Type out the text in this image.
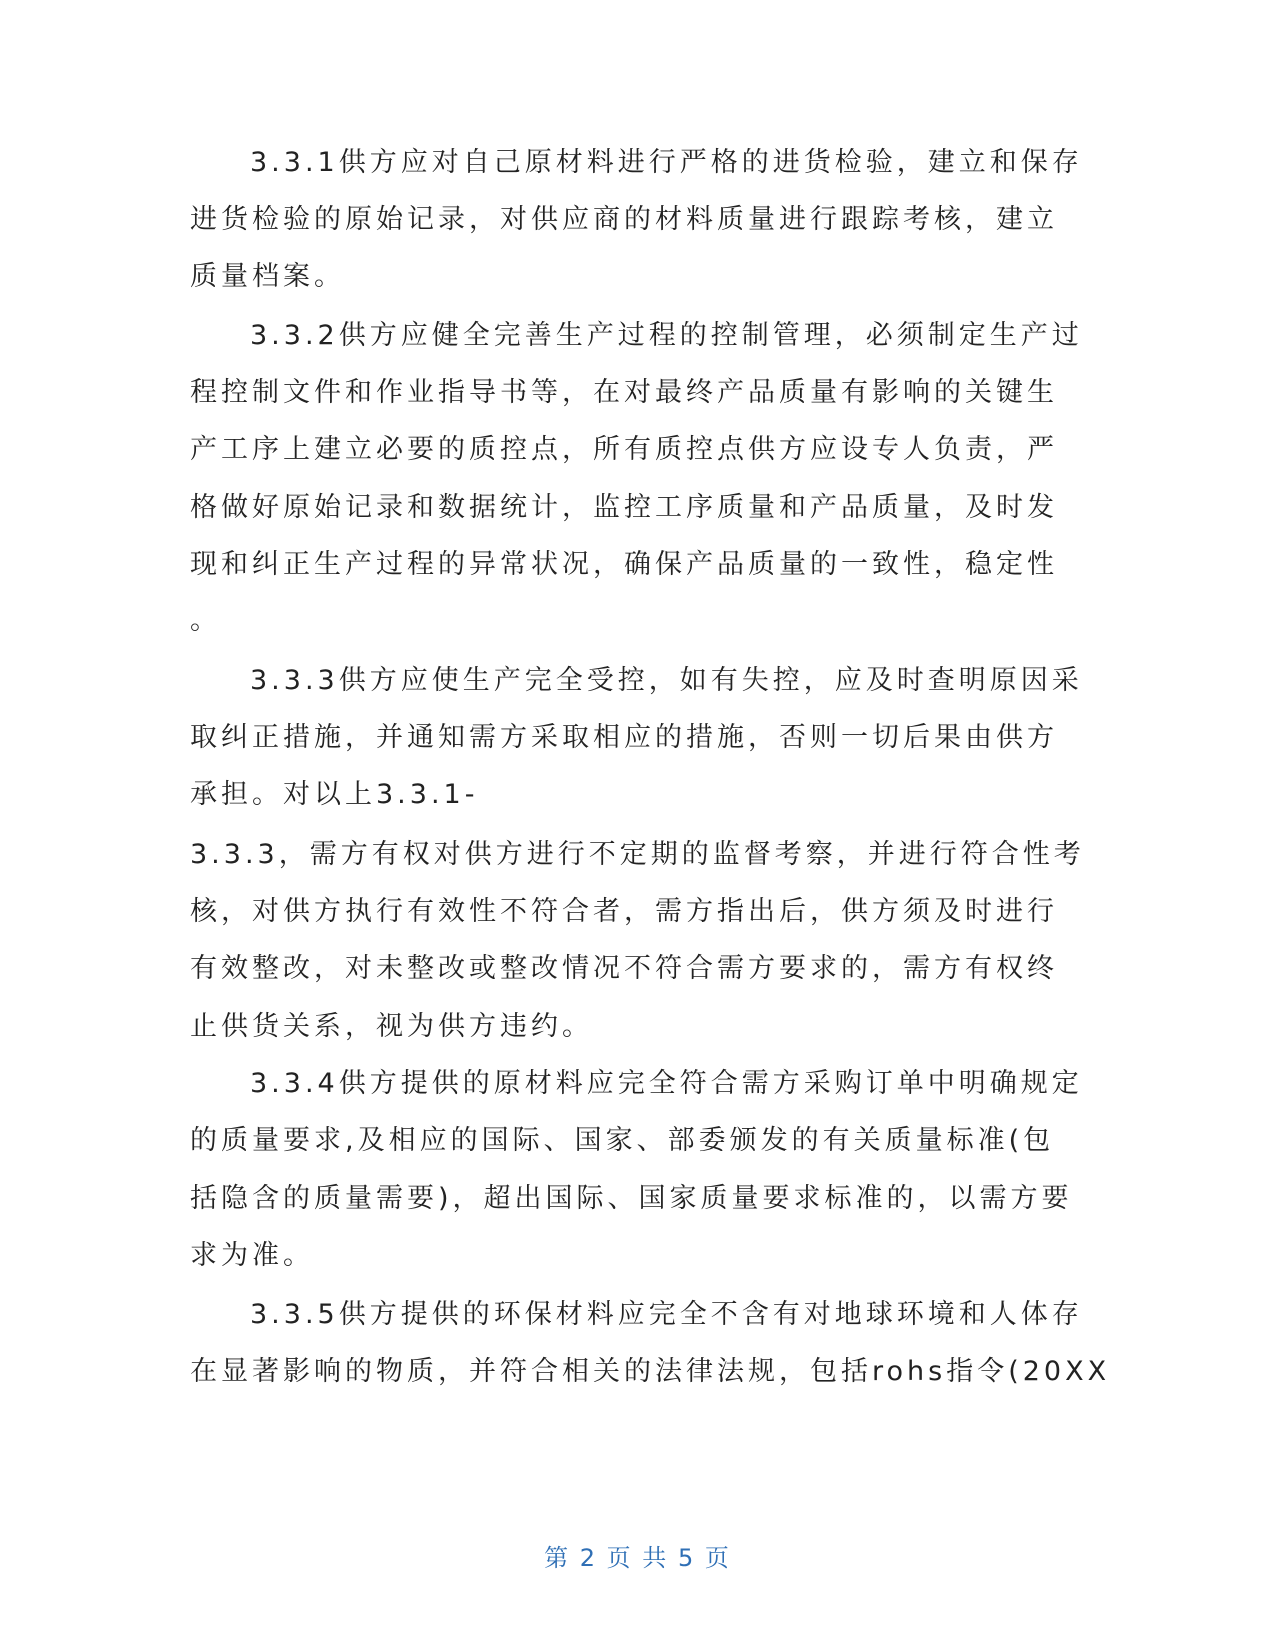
3.3.1供方应对自己原材料进行严格的进货检验，建立和保存
进货检验的原始记录，对供应商的材料质量进行跟踪考核，建立
质量档案。
3.3.2供方应健全完善生产过程的控制管理，必须制定生产过
程控制文件和作业指导书等，在对最终产品质量有影响的关键生
产工序上建立必要的质控点，所有质控点供方应设专人负责，严
格做好原始记录和数据统计，监控工序质量和产品质量，及时发
现和纠正生产过程的异常状况，确保产品质量的一致性，稳定性
。
3.3.3供方应使生产完全受控，如有失控，应及时查明原因采
取纠正措施，并通知需方采取相应的措施，否则一切后果由供方
承担。对以上3.3.1-
3.3.3，需方有权对供方进行不定期的监督考察，并进行符合性考
核，对供方执行有效性不符合者，需方指出后，供方须及时进行
有效整改，对未整改或整改情况不符合需方要求的，需方有权终
止供货关系，视为供方违约。
3.3.4供方提供的原材料应完全符合需方采购订单中明确规定
的质量要求,及相应的国际、国家、部委颁发的有关质量标准(包
括隐含的质量需要)，超出国际、国家质量要求标准的，以需方要
求为准。
3.3.5供方提供的环保材料应完全不含有对地球环境和人体存
在显著影响的物质，并符合相关的法律法规，包括rohs指令(20XX
第 2 页 共 5 页
